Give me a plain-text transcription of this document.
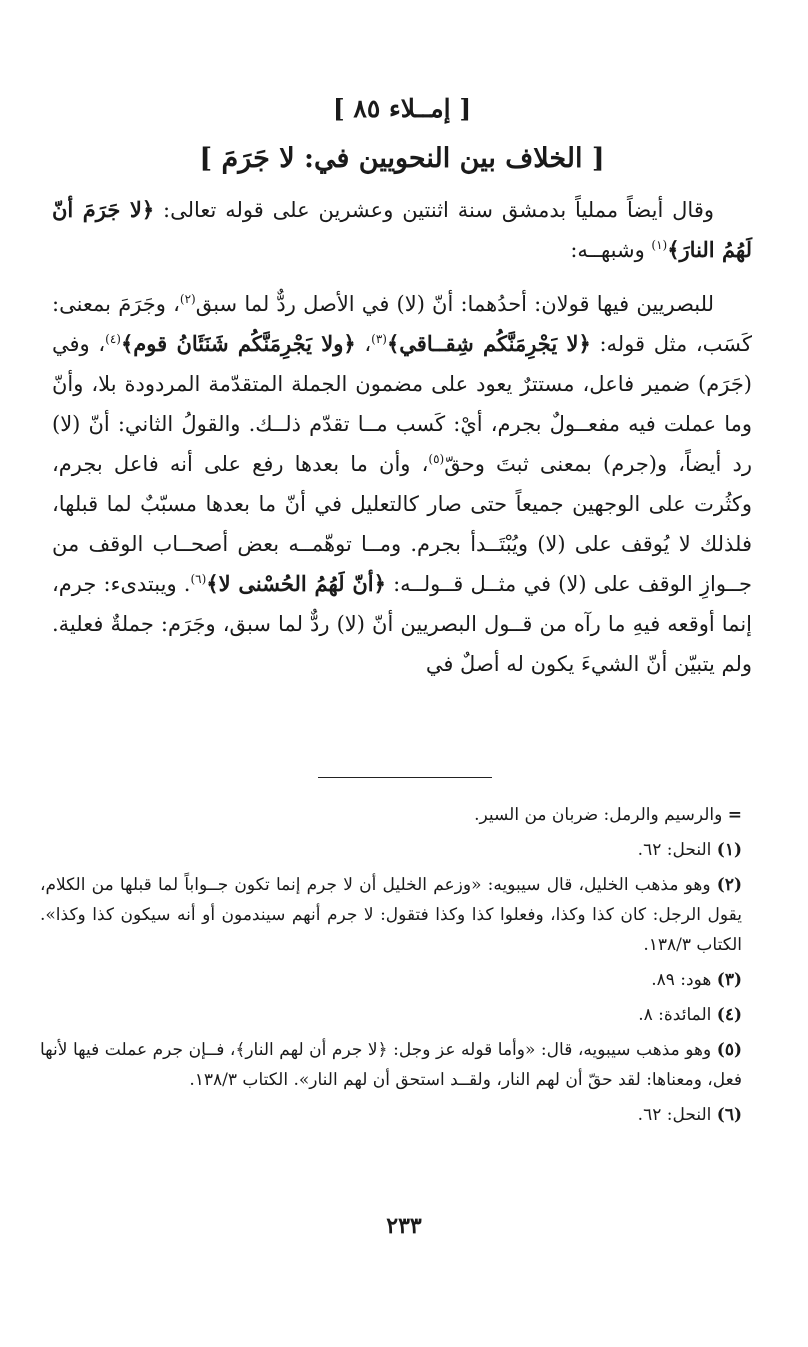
[ إمــلاء ٨٥ ]
[ الخلاف بين النحويين في: لا جَرَمَ ]

وقال أيضاً مملياً بدمشق سنة اثنتين وعشرين على قوله تعالى: ﴿لا جَرَمَ أنّ لَهُمُ النارَ﴾$^{(١)}$ وشبهــه:

للبصريين فيها قولان: أحدُهما: أنّ (لا) في الأصل ردٌّ لما سبق$^{(٢)}$، وجَرَمَ بمعنى: كَسَب، مثل قوله: ﴿لا يَجْرِمَنَّكُم شِقــاقي﴾$^{(٣)}$، ﴿ولا يَجْرِمَنَّكُم شَنَئَانُ قوم﴾$^{(٤)}$، وفي (جَرَم) ضمير فاعل، مستترٌ يعود على مضمون الجملة المتقدّمة المردودة بلا، وأنّ وما عملت فيه مفعــولٌ بجرم، أيْ: كَسب مــا تقدّم ذلــك. والقولُ الثاني: أنّ (لا) رد أيضاً، و(جرم) بمعنى ثبتَ وحقّ$^{(٥)}$، وأن ما بعدها رفع على أنه فاعل بجرم، وكثُرت على الوجهين جميعاً حتى صار كالتعليل في أنّ ما بعدها مسبّبٌ لما قبلها، فلذلك لا يُوقف على (لا) ويُبْتَــدأ بجرم. ومــا توهّمــه بعض أصحــاب الوقف من جــوازِ الوقف على (لا) في مثــل قــولــه: ﴿أنّ لَهُمُ الحُسْنى لا﴾$^{(٦)}$. ويبتدىء: جرم، إنما أوقعه فيهِ ما رآه من قــول البصريين أنّ (لا) ردٌّ لما سبق، وجَرَم: جملةٌ فعلية. ولم يتبيّن أنّ الشيءَ يكون له أصلٌ في

= والرسيم والرمل: ضربان من السير.

(١) النحل: ٦٢.

(٢) وهو مذهب الخليل، قال سيبويه: «وزعم الخليل أن لا جرم إنما تكون جــواباً لما قبلها من الكلام، يقول الرجل: كان كذا وكذا، وفعلوا كذا وكذا فتقول: لا جرم أنهم سيندمون أو أنه سيكون كذا وكذا». الكتاب ١٣٨/٣.

(٣) هود: ٨٩.

(٤) المائدة: ٨.

(٥) وهو مذهب سيبويه، قال: «وأما قوله عز وجل: ﴿لا جرم أن لهم النار﴾، فــإن جرم عملت فيها لأنها فعل، ومعناها: لقد حقّ أن لهم النار، ولقــد استحق أن لهم النار». الكتاب ١٣٨/٣.

(٦) النحل: ٦٢.

٢٣٣
